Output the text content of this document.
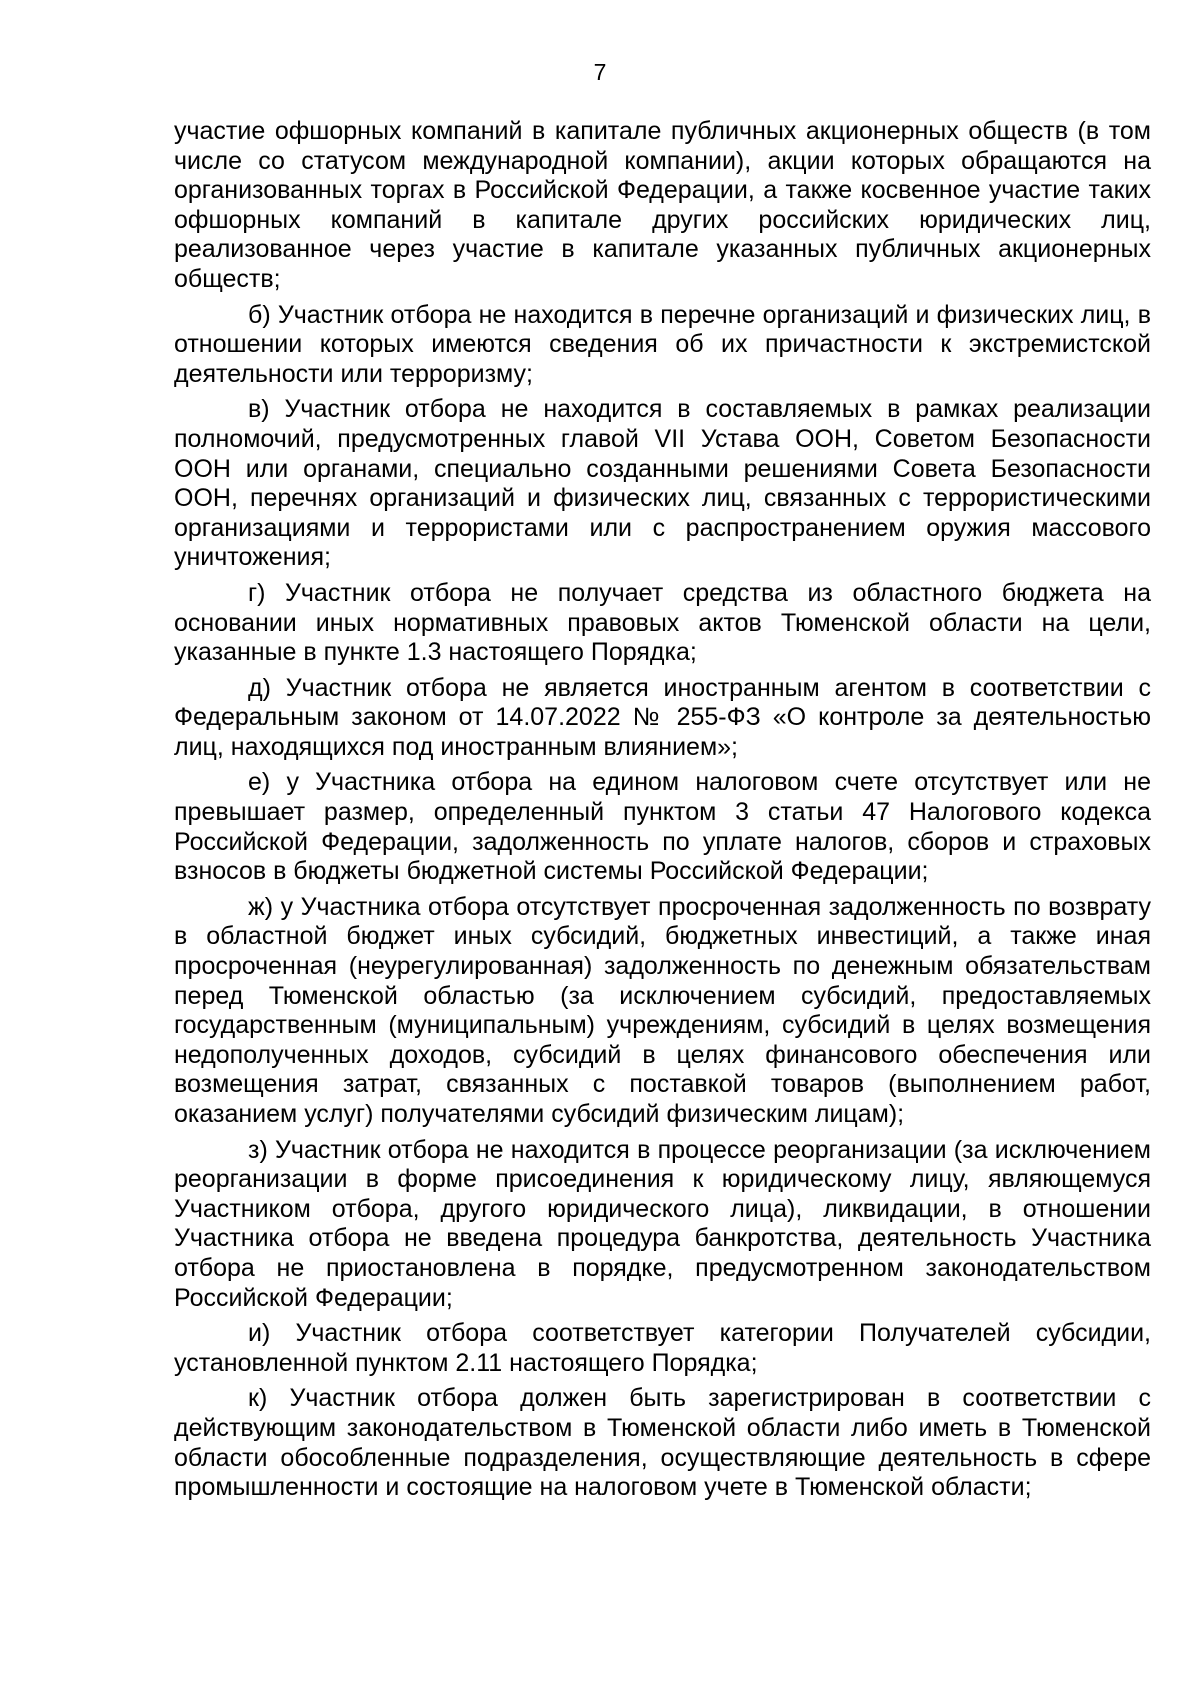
7

участие офшорных компаний в капитале публичных акционерных обществ (в том числе со статусом международной компании), акции которых обращаются на организованных торгах в Российской Федерации, а также косвенное участие таких офшорных компаний в капитале других российских юридических лиц, реализованное через участие в капитале указанных публичных акционерных обществ;

б) Участник отбора не находится в перечне организаций и физических лиц, в отношении которых имеются сведения об их причастности к экстремистской деятельности или терроризму;

в) Участник отбора не находится в составляемых в рамках реализации полномочий, предусмотренных главой VII Устава ООН, Советом Безопасности ООН или органами, специально созданными решениями Совета Безопасности ООН, перечнях организаций и физических лиц, связанных с террористическими организациями и террористами или с распространением оружия массового уничтожения;

г) Участник отбора не получает средства из областного бюджета на основании иных нормативных правовых актов Тюменской области на цели, указанные в пункте 1.3 настоящего Порядка;

д) Участник отбора не является иностранным агентом в соответствии с Федеральным законом от 14.07.2022 № 255-ФЗ «О контроле за деятельностью лиц, находящихся под иностранным влиянием»;

е) у Участника отбора на едином налоговом счете отсутствует или не превышает размер, определенный пунктом 3 статьи 47 Налогового кодекса Российской Федерации, задолженность по уплате налогов, сборов и страховых взносов в бюджеты бюджетной системы Российской Федерации;

ж) у Участника отбора отсутствует просроченная задолженность по возврату в областной бюджет иных субсидий, бюджетных инвестиций, а также иная просроченная (неурегулированная) задолженность по денежным обязательствам перед Тюменской областью (за исключением субсидий, предоставляемых государственным (муниципальным) учреждениям, субсидий в целях возмещения недополученных доходов, субсидий в целях финансового обеспечения или возмещения затрат, связанных с поставкой товаров (выполнением работ, оказанием услуг) получателями субсидий физическим лицам);

з) Участник отбора не находится в процессе реорганизации (за исключением реорганизации в форме присоединения к юридическому лицу, являющемуся Участником отбора, другого юридического лица), ликвидации, в отношении Участника отбора не введена процедура банкротства, деятельность Участника отбора не приостановлена в порядке, предусмотренном законодательством Российской Федерации;

и) Участник отбора соответствует категории Получателей субсидии, установленной пунктом 2.11 настоящего Порядка;

к) Участник отбора должен быть зарегистрирован в соответствии с действующим законодательством в Тюменской области либо иметь в Тюменской области обособленные подразделения, осуществляющие деятельность в сфере промышленности и состоящие на налоговом учете в Тюменской области;
